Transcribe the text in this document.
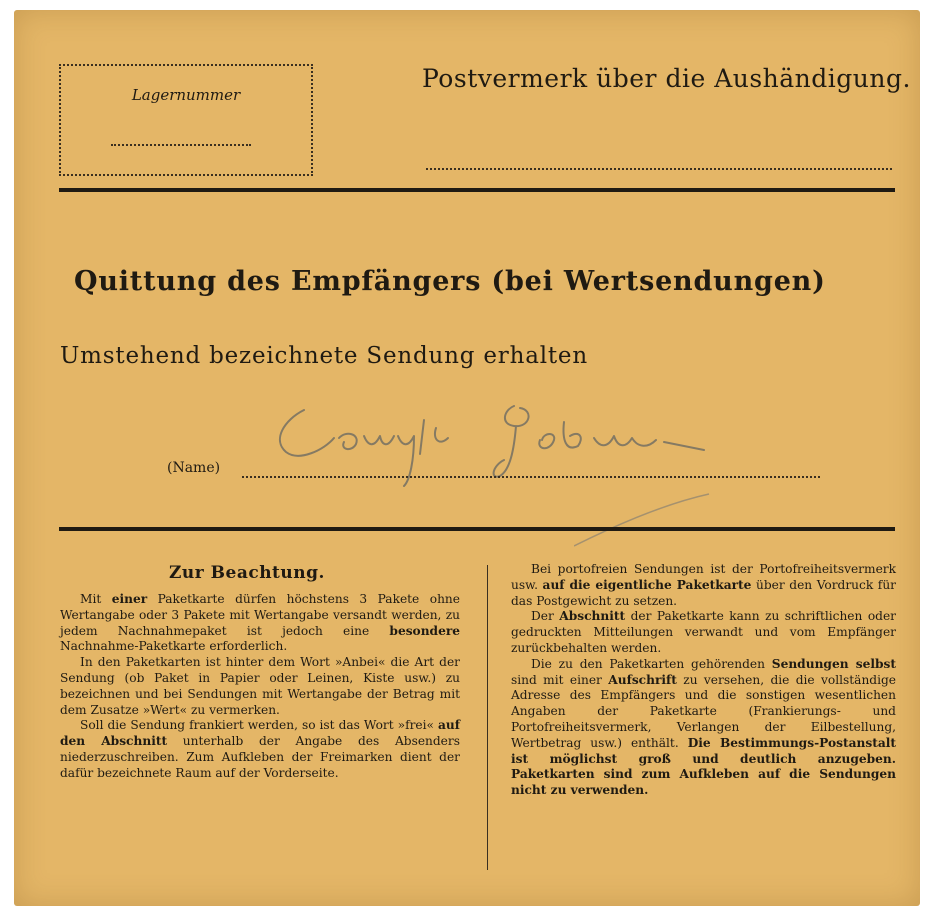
Lagernummer
Postvermerk über die Aushändigung.
Quittung des Empfängers (bei Wertsendungen)
Umstehend bezeichnete Sendung erhalten
(Name)
Zur Beachtung.

Mit einer Paketkarte dürfen höchstens 3 Pakete ohne Wertangabe oder 3 Pakete mit Wertangabe versandt werden, zu jedem Nachnahmepaket ist jedoch eine besondere Nachnahme-Paketkarte erforderlich.

In den Paketkarten ist hinter dem Wort »Anbei« die Art der Sendung (ob Paket in Papier oder Leinen, Kiste usw.) zu bezeichnen und bei Sendungen mit Wertangabe der Betrag mit dem Zusatze »Wert« zu vermerken.

Soll die Sendung frankiert werden, so ist das Wort »frei« auf den Abschnitt unterhalb der Angabe des Absenders niederzuschreiben. Zum Aufkleben der Freimarken dient der dafür bezeichnete Raum auf der Vorderseite.

Bei portofreien Sendungen ist der Portofreiheitsvermerk usw. auf die eigentliche Paketkarte über den Vordruck für das Postgewicht zu setzen.

Der Abschnitt der Paketkarte kann zu schriftlichen oder gedruckten Mitteilungen verwandt und vom Empfänger zurückbehalten werden.

Die zu den Paketkarten gehörenden Sendungen selbst sind mit einer Aufschrift zu versehen, die die vollständige Adresse des Empfängers und die sonstigen wesentlichen Angaben der Paketkarte (Frankierungs- und Portofreiheitsvermerk, Verlangen der Eilbestellung, Wertbetrag usw.) enthält. Die Bestimmungs-Postanstalt ist möglichst groß und deutlich anzugeben. Paketkarten sind zum Aufkleben auf die Sendungen nicht zu verwenden.
